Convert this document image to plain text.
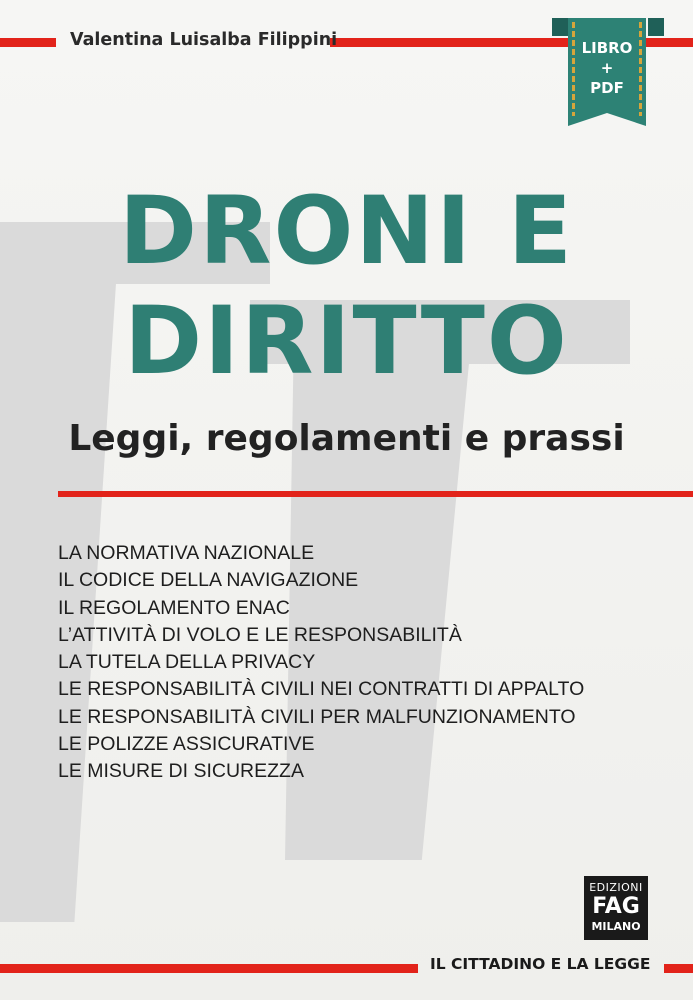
Valentina Luisalba Filippini	LIBRO
+
PDF
DRONI E
DIRITTO
Leggi, regolamenti e prassi
LA NORMATIVA NAZIONALE
IL CODICE DELLA NAVIGAZIONE
IL REGOLAMENTO ENAC
L’ATTIVITÀ DI VOLO E LE RESPONSABILITÀ
LA TUTELA DELLA PRIVACY
LE RESPONSABILITÀ CIVILI NEI CONTRATTI DI APPALTO
LE RESPONSABILITÀ CIVILI PER MALFUNZIONAMENTO
LE POLIZZE ASSICURATIVE
LE MISURE DI SICUREZZA
EDIZIONI
FAG
MILANO
IL CITTADINO E LA LEGGE
